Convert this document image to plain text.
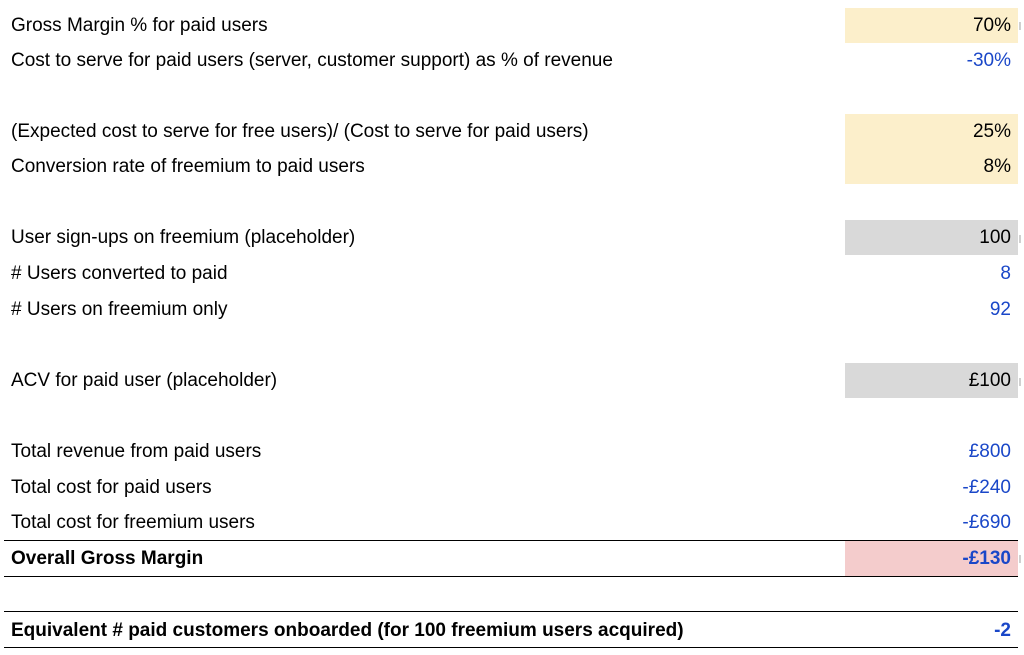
Gross Margin % for paid users	70%
Cost to serve for paid users (server, customer support) as % of revenue	-30%
(Expected cost to serve for free users)/ (Cost to serve for paid users)	25%
Conversion rate of freemium to paid users	8%
User sign-ups on freemium (placeholder)	100
# Users converted to paid	8
# Users on freemium only	92
ACV for paid user (placeholder)	£100
Total revenue from paid users	£800
Total cost for paid users	-£240
Total cost for freemium users	-£690
Overall Gross Margin	-£130
Equivalent # paid customers onboarded (for 100 freemium users acquired)	-2
